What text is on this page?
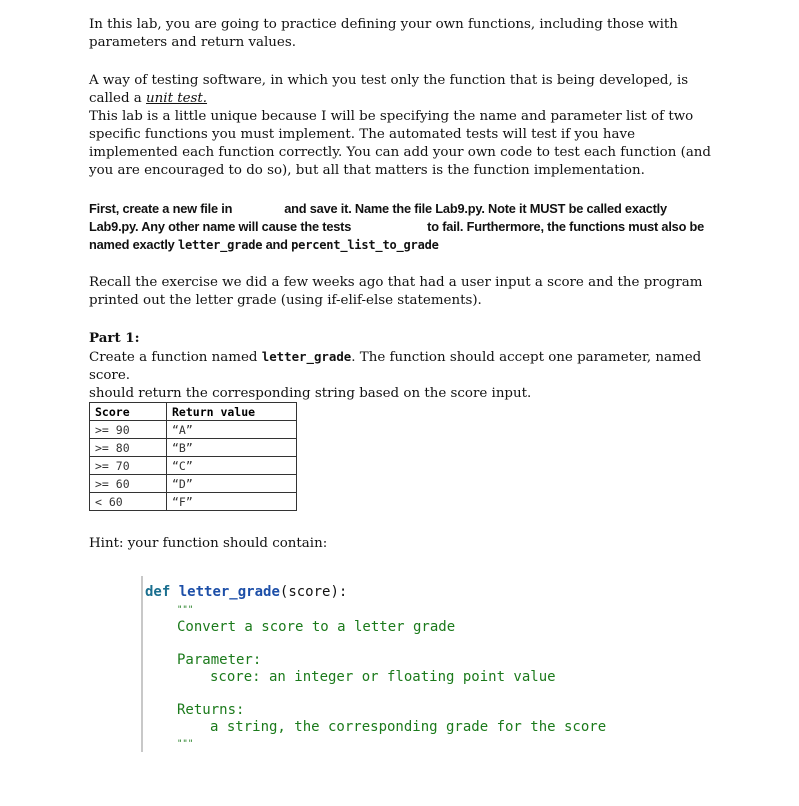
In this lab, you are going to practice defining your own functions, including those with parameters and return values.

A way of testing software, in which you test only the function that is being developed, is called a unit test.

This lab is a little unique because I will be specifying the name and parameter list of two specific functions you must implement. The automated tests will test if you have implemented each function correctly. You can add your own code to test each function (and you are encouraged to do so), but all that matters is the function implementation.

First, create a new file in	and save it. Name the file Lab9.py. Note it MUST be called exactly
Lab9.py. Any other name will cause the tests	to fail. Furthermore, the functions must also be
named exactly letter_grade and percent_list_to_grade

Recall the exercise we did a few weeks ago that had a user input a score and the program printed out the letter grade (using if-elif-else statements).

Part 1:

Create a function named letter_grade. The function should accept one parameter, named score.
should return the corresponding string based on the score input.

Score	Return value
>= 90	“A”
>= 80	“B”
>= 70	“C”
>= 60	“D”
< 60	“F”
Hint: your function should contain:
def letter_grade(score):
"""
Convert a score to a letter grade
Parameter:
score: an integer or floating point value
Returns:
a string, the corresponding grade for the score
"""
